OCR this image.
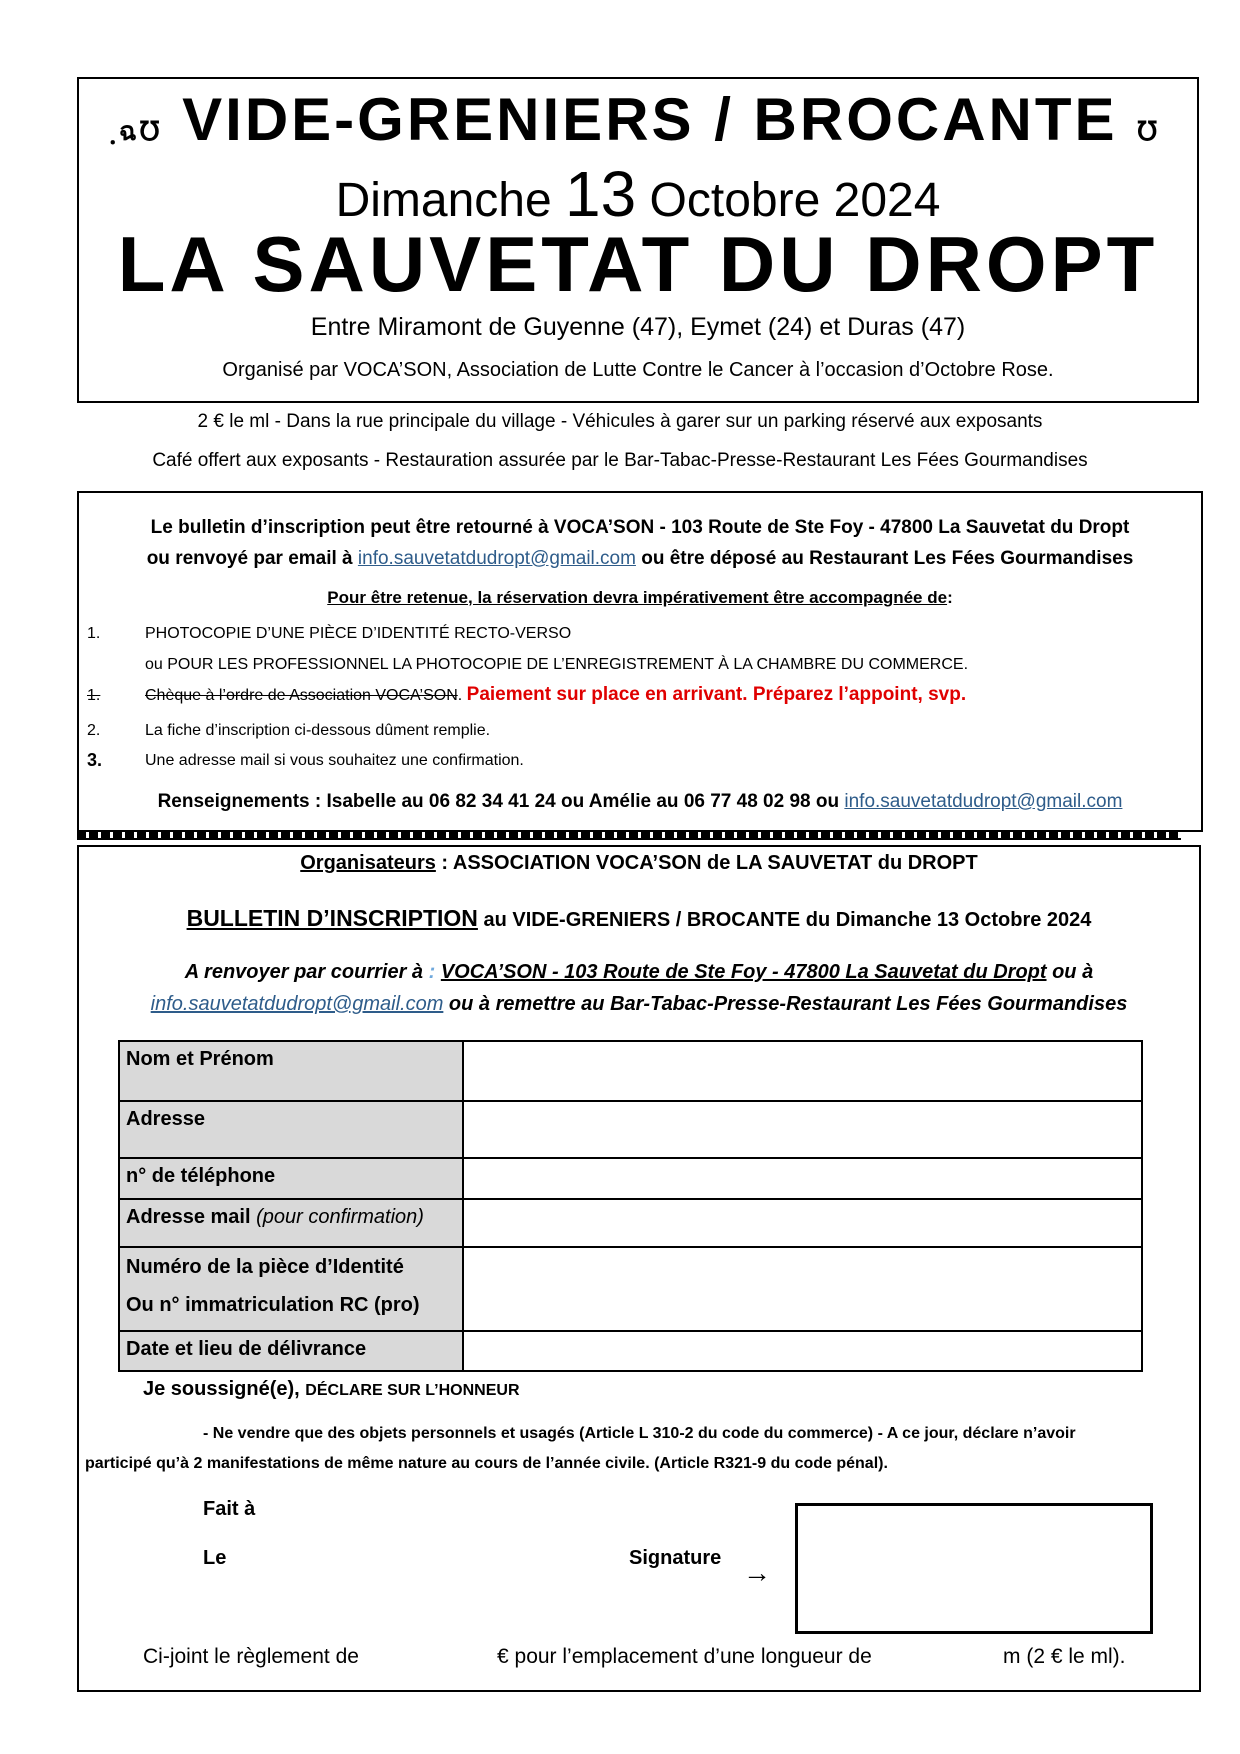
ฺฉ℧ VIDE-GRENIERS / BROCANTE ℧
Dimanche 13 Octobre 2024
LA SAUVETAT DU DROPT
Entre Miramont de Guyenne (47), Eymet (24) et Duras (47)
Organisé par VOCA’SON, Association de Lutte Contre le Cancer à l’occasion d’Octobre Rose.
2 € le ml - Dans la rue principale du village - Véhicules à garer sur un parking réservé aux exposants
Café offert aux exposants - Restauration assurée par le Bar-Tabac-Presse-Restaurant Les Fées Gourmandises
Le bulletin d’inscription peut être retourné à VOCA’SON - 103 Route de Ste Foy - 47800 La Sauvetat du Dropt
ou renvoyé par email à info.sauvetatdudropt@gmail.com ou être déposé au Restaurant Les Fées Gourmandises
Pour être retenue, la réservation devra impérativement être accompagnée de:
1.	PHOTOCOPIE D’UNE PIÈCE D’IDENTITÉ RECTO-VERSO
ou POUR LES PROFESSIONNEL LA PHOTOCOPIE DE L’ENREGISTREMENT À LA CHAMBRE DU COMMERCE.
1.	Chèque à l’ordre de Association VOCA’SON. Paiement sur place en arrivant. Préparez l’appoint, svp.
2.	La fiche d’inscription ci-dessous dûment remplie.
3.	Une adresse mail si vous souhaitez une confirmation.
Renseignements : Isabelle au 06 82 34 41 24 ou Amélie au 06 77 48 02 98 ou info.sauvetatdudropt@gmail.com
Organisateurs : ASSOCIATION VOCA’SON de LA SAUVETAT du DROPT
BULLETIN D’INSCRIPTION au VIDE-GRENIERS / BROCANTE du Dimanche 13 Octobre 2024
A renvoyer par courrier à : VOCA’SON - 103 Route de Ste Foy - 47800 La Sauvetat du Dropt ou à
info.sauvetatdudropt@gmail.com ou à remettre au Bar-Tabac-Presse-Restaurant Les Fées Gourmandises
Je soussigné(e), DÉCLARE SUR L’HONNEUR
- Ne vendre que des objets personnels et usagés (Article L 310-2 du code du commerce) - A ce jour, déclare n’avoir
participé qu’à 2 manifestations de même nature au cours de l’année civile. (Article R321-9 du code pénal).
Fait à
Le	Signature →
Ci-joint le règlement de	€ pour l’emplacement d’une longueur de	m (2 € le ml).
Nom et Prénom	
Adresse	
n° de téléphone	
Adresse mail (pour confirmation)	

Numéro de la pièce d’Identité
Ou n° immatriculation RC (pro)	

Date et lieu de délivrance	
